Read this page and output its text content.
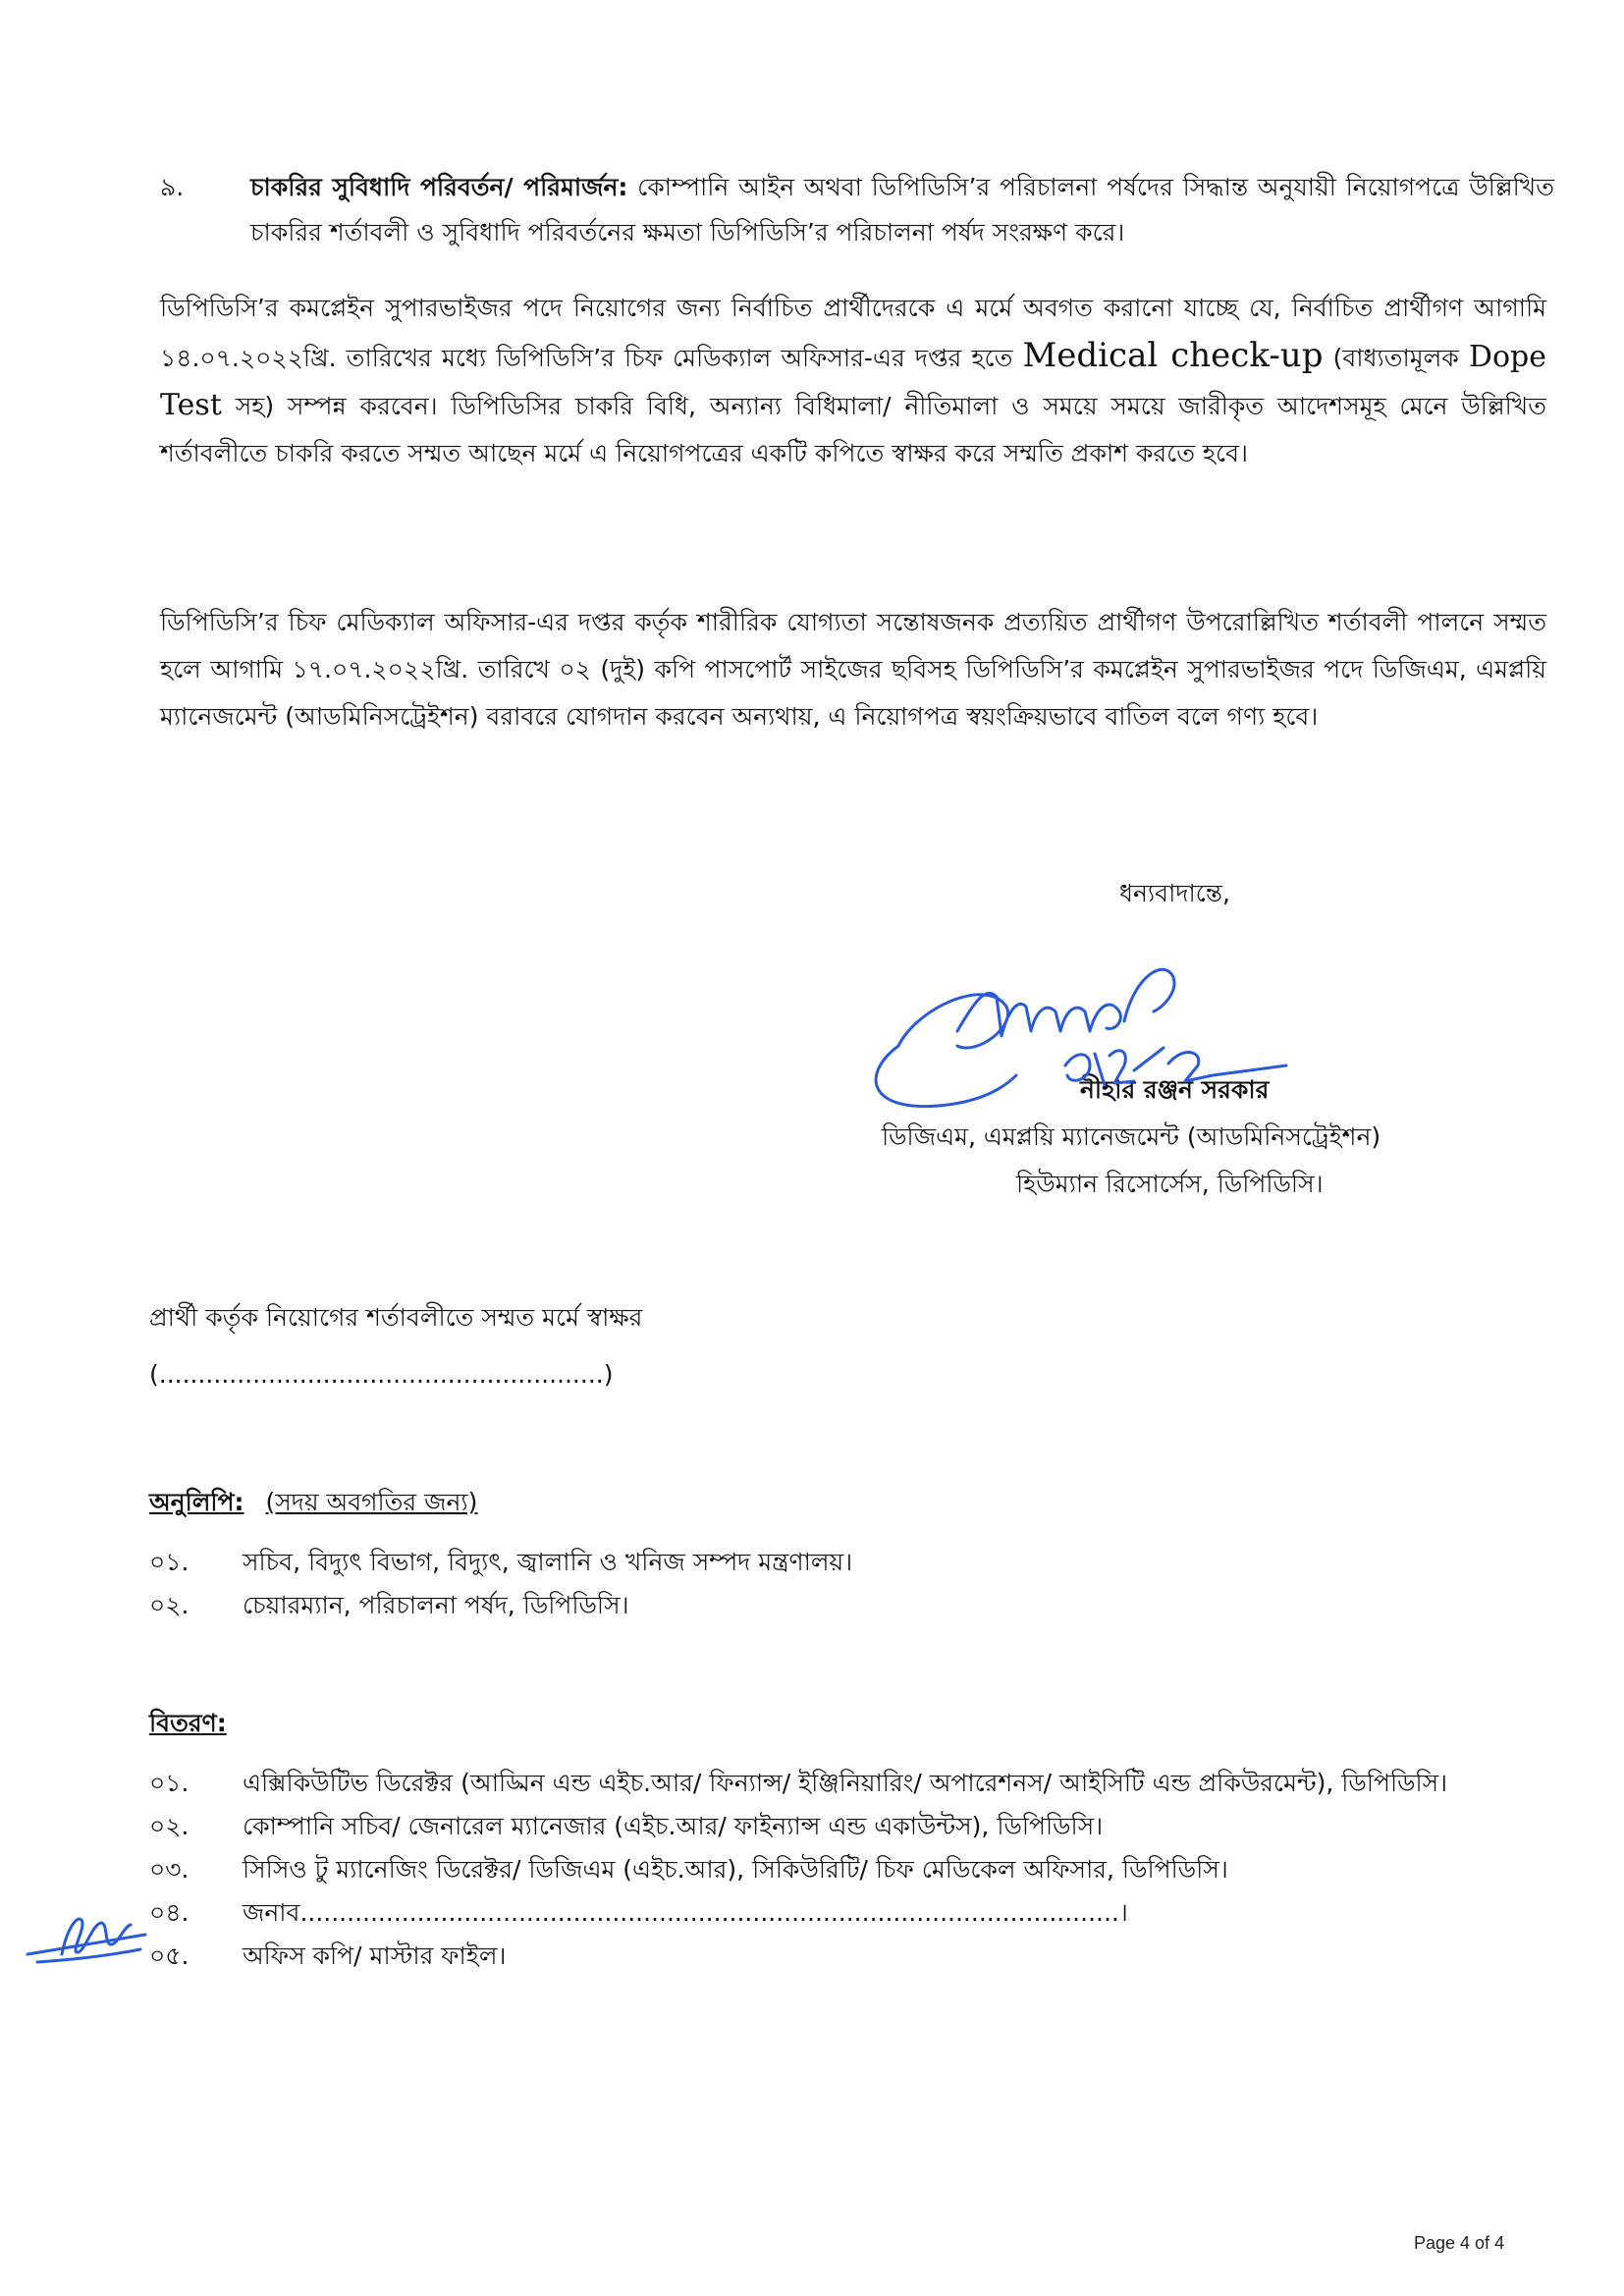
৯.	চাকরির সুবিধাদি পরিবর্তন/ পরিমার্জন: কোম্পানি আইন অথবা ডিপিডিসি’র পরিচালনা পর্ষদের সিদ্ধান্ত অনুযায়ী নিয়োগপত্রে উল্লিখিত চাকরির শর্তাবলী ও সুবিধাদি পরিবর্তনের ক্ষমতা ডিপিডিসি’র পরিচালনা পর্ষদ সংরক্ষণ করে।
ডিপিডিসি’র কমপ্লেইন সুপারভাইজর পদে নিয়োগের জন্য নির্বাচিত প্রার্থীদেরকে এ মর্মে অবগত করানো যাচ্ছে যে, নির্বাচিত প্রার্থীগণ আগামি ১৪.০৭.২০২২খ্রি. তারিখের মধ্যে ডিপিডিসি’র চিফ মেডিক্যাল অফিসার-এর দপ্তর হতে Medical check-up (বাধ্যতামূলক Dope Test সহ) সম্পন্ন করবেন। ডিপিডিসির চাকরি বিধি, অন্যান্য বিধিমালা/ নীতিমালা ও সময়ে সময়ে জারীকৃত আদেশসমূহ মেনে উল্লিখিত শর্তাবলীতে চাকরি করতে সম্মত আছেন মর্মে এ নিয়োগপত্রের একটি কপিতে স্বাক্ষর করে সম্মতি প্রকাশ করতে হবে।
ডিপিডিসি’র চিফ মেডিক্যাল অফিসার-এর দপ্তর কর্তৃক শারীরিক যোগ্যতা সন্তোষজনক প্রত্যয়িত প্রার্থীগণ উপরোল্লিখিত শর্তাবলী পালনে সম্মত হলে আগামি ১৭.০৭.২০২২খ্রি. তারিখে ০২ (দুই) কপি পাসপোর্ট সাইজের ছবিসহ ডিপিডিসি’র কমপ্লেইন সুপারভাইজর পদে ডিজিএম, এমপ্লয়ি ম্যানেজমেন্ট (আডমিনিসট্রেইশন) বরাবরে যোগদান করবেন অন্যথায়, এ নিয়োগপত্র স্বয়ংক্রিয়ভাবে বাতিল বলে গণ্য হবে।
ধন্যবাদান্তে,
নীহার রঞ্জন সরকার
ডিজিএম, এমপ্লয়ি ম্যানেজমেন্ট (আডমিনিসট্রেইশন)
হিউম্যান রিসোর্সেস, ডিপিডিসি।
প্রার্থী কর্তৃক নিয়োগের শর্তাবলীতে সম্মত মর্মে স্বাক্ষর
(.........................................................)
অনুলিপি: (সদয় অবগতির জন্য)
০১.	সচিব, বিদ্যুৎ বিভাগ, বিদ্যুৎ, জ্বালানি ও খনিজ সম্পদ মন্ত্রণালয়।
০২.	চেয়ারম্যান, পরিচালনা পর্ষদ, ডিপিডিসি।
বিতরণ:
০১.	এক্সিকিউটিভ ডিরেক্টর (আড্মিন এন্ড এইচ.আর/ ফিন্যান্স/ ইঞ্জিনিয়ারিং/ অপারেশনস/ আইসিটি এন্ড প্রকিউরমেন্ট), ডিপিডিসি।
০২.	কোম্পানি সচিব/ জেনারেল ম্যানেজার (এইচ.আর/ ফাইন্যান্স এন্ড একাউন্টস), ডিপিডিসি।
০৩.	সিসিও টু ম্যানেজিং ডিরেক্টর/ ডিজিএম (এইচ.আর), সিকিউরিটি/ চিফ মেডিকেল অফিসার, ডিপিডিসি।
০৪.	জনাব.........................................................................................................।
০৫.	অফিস কপি/ মাস্টার ফাইল।
Page 4 of 4
